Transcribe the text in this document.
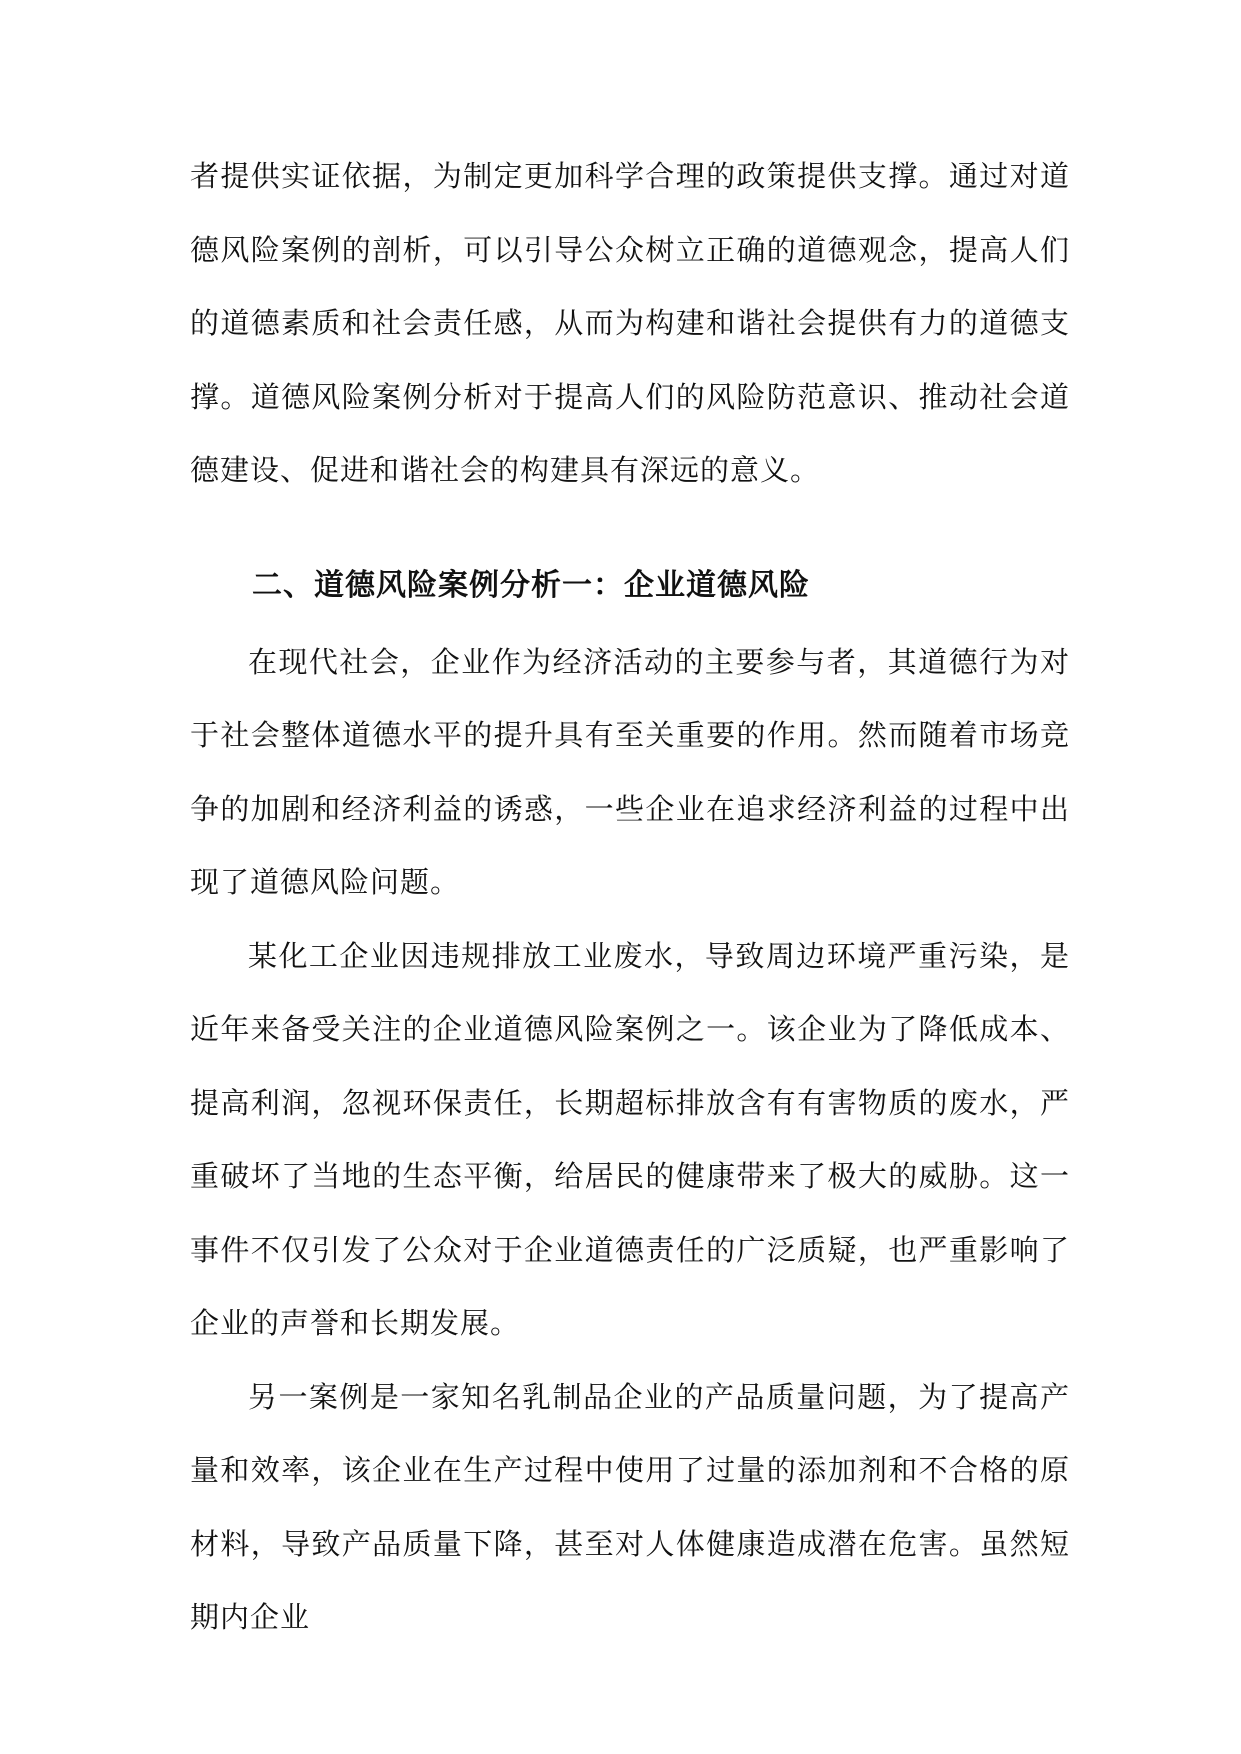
者提供实证依据，为制定更加科学合理的政策提供支撑。通过对道德风险案例的剖析，可以引导公众树立正确的道德观念，提高人们的道德素质和社会责任感，从而为构建和谐社会提供有力的道德支撑。道德风险案例分析对于提高人们的风险防范意识、推动社会道德建设、促进和谐社会的构建具有深远的意义。

二、道德风险案例分析一：企业道德风险

在现代社会，企业作为经济活动的主要参与者，其道德行为对于社会整体道德水平的提升具有至关重要的作用。然而随着市场竞争的加剧和经济利益的诱惑，一些企业在追求经济利益的过程中出现了道德风险问题。

某化工企业因违规排放工业废水，导致周边环境严重污染，是近年来备受关注的企业道德风险案例之一。该企业为了降低成本、提高利润，忽视环保责任，长期超标排放含有有害物质的废水，严重破坏了当地的生态平衡，给居民的健康带来了极大的威胁。这一事件不仅引发了公众对于企业道德责任的广泛质疑，也严重影响了企业的声誉和长期发展。

另一案例是一家知名乳制品企业的产品质量问题，为了提高产量和效率，该企业在生产过程中使用了过量的添加剂和不合格的原材料，导致产品质量下降，甚至对人体健康造成潜在危害。虽然短期内企业
